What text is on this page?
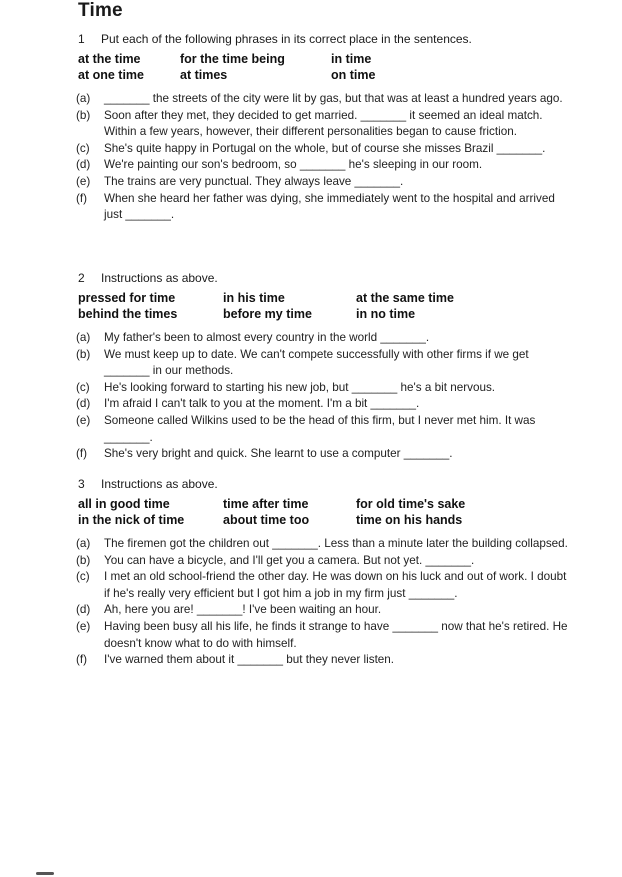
Time
1 Put each of the following phrases in its correct place in the sentences.
at the time	for the time being	in time
at one time	at times	on time
(a) _______ the streets of the city were lit by gas, but that was at least a hundred years ago.
(b) Soon after they met, they decided to get married. _______ it seemed an ideal match. Within a few years, however, their different personalities began to cause friction.
(c) She's quite happy in Portugal on the whole, but of course she misses Brazil _______.
(d) We're painting our son's bedroom, so _______ he's sleeping in our room.
(e) The trains are very punctual. They always leave _______.
(f) When she heard her father was dying, she immediately went to the hospital and arrived just _______.
2 Instructions as above.
pressed for time	in his time	at the same time
behind the times	before my time	in no time
(a) My father's been to almost every country in the world _______.
(b) We must keep up to date. We can't compete successfully with other firms if we get _______ in our methods.
(c) He's looking forward to starting his new job, but _______ he's a bit nervous.
(d) I'm afraid I can't talk to you at the moment. I'm a bit _______.
(e) Someone called Wilkins used to be the head of this firm, but I never met him. It was _______.
(f) She's very bright and quick. She learnt to use a computer _______.
3 Instructions as above.
all in good time	time after time	for old time's sake
in the nick of time	about time too	time on his hands
(a) The firemen got the children out _______. Less than a minute later the building collapsed.
(b) You can have a bicycle, and I'll get you a camera. But not yet. _______.
(c) I met an old school-friend the other day. He was down on his luck and out of work. I doubt if he's really very efficient but I got him a job in my firm just _______.
(d) Ah, here you are! _______! I've been waiting an hour.
(e) Having been busy all his life, he finds it strange to have _______ now that he's retired. He doesn't know what to do with himself.
(f) I've warned them about it _______ but they never listen.
